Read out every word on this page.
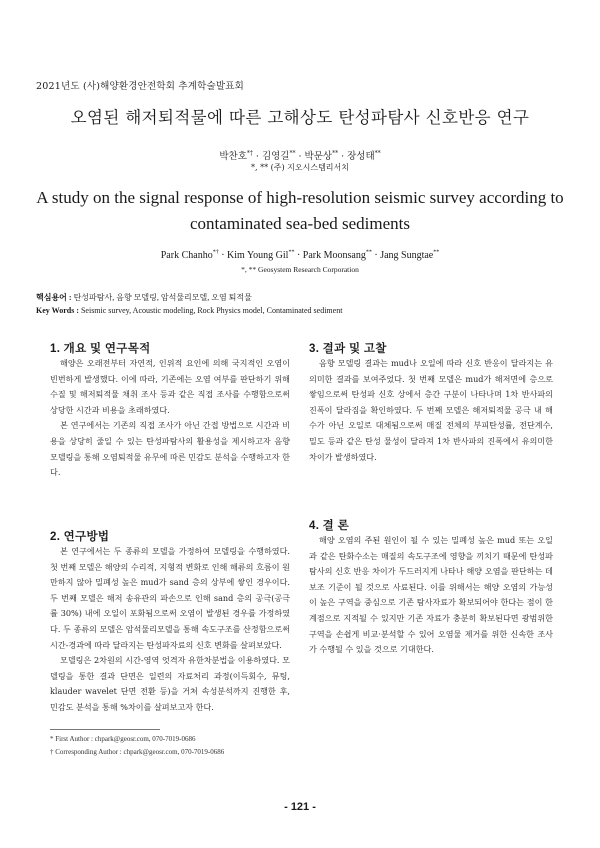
2021년도 (사)해양환경안전학회 추계학술발표회
오염된 해저퇴적물에 따른 고해상도 탄성파탐사 신호반응 연구
박찬호*† · 김영길** · 박문상** · 장성태**
*, ** (주) 지오시스템리서치
A study on the signal response of high-resolution seismic survey according to contaminated sea-bed sediments
Park Chanho*† · Kim Young Gil** · Park Moonsang** · Jang Sungtae**
*, ** Geosystem Research Corporation
핵심용어 : 탄성파탐사, 음향 모델링, 암석물리모델, 오염 퇴적물
Key Words : Seismic survey, Acoustic modeling, Rock Physics model, Contaminated sediment
1. 개요 및 연구목적

해양은 오래전부터 자연적, 인위적 요인에 의해 국지적인 오염이 빈번하게 발생했다. 이에 따라, 기존에는 오염 여부를 판단하기 위해 수질 및 해저퇴적물 채취 조사 등과 같은 직접 조사를 수행함으로써 상당한 시간과 비용을 초래하였다.

본 연구에서는 기존의 직접 조사가 아닌 간접 방법으로 시간과 비용을 상당히 줄일 수 있는 탄성파탐사의 활용성을 제시하고자 음향 모델링을 통해 오염퇴적물 유무에 따른 민감도 분석을 수행하고자 한다.

2. 연구방법

본 연구에서는 두 종류의 모델을 가정하여 모델링을 수행하였다. 첫 번째 모델은 해양의 수리적, 지형적 변화로 인해 해류의 흐름이 원만하지 않아 밀폐성 높은 mud가 sand 층의 상부에 쌓인 경우이다. 두 번째 모델은 해저 송유관의 파손으로 인해 sand 층의 공극(공극률 30%) 내에 오일이 포화됨으로써 오염이 발생된 경우를 가정하였다. 두 종류의 모델은 암석물리모델을 통해 속도구조를 산정함으로써 시간-경과에 따라 달라지는 탄성파자료의 신호 변화를 살펴보았다.

모델링은 2차원의 시간-영역 엇격자 유한차분법을 이용하였다. 모델링을 통한 결과 단면은 일련의 자료처리 과정(이득회수, 뮤팅, klauder wavelet 단면 전환 등)을 거쳐 속성분석까지 진행한 후, 민감도 분석을 통해 %차이를 살펴보고자 한다.

3. 결과 및 고찰

음향 모델링 결과는 mud나 오일에 따라 신호 반응이 달라지는 유의미한 결과를 보여주었다. 첫 번째 모델은 mud가 해저면에 층으로 쌓임으로써 탄성파 신호 상에서 층간 구분이 나타나며 1차 반사파의 진폭이 달라짐을 확인하였다. 두 번째 모델은 해저퇴적물 공극 내 해수가 아닌 오일로 대체됨으로써 매질 전체의 부피탄성률, 전단계수, 밀도 등과 같은 탄성 물성이 달라져 1차 반사파의 진폭에서 유의미한 차이가 발생하였다.

4. 결 론

해양 오염의 주된 원인이 될 수 있는 밀폐성 높은 mud 또는 오일과 같은 탄화수소는 매질의 속도구조에 영향을 끼치기 때문에 탄성파탐사의 신호 반응 차이가 두드러지게 나타나 해양 오염을 판단하는 데 보조 기준이 될 것으로 사료된다. 이를 위해서는 해양 오염의 가능성이 높은 구역을 중심으로 기존 탐사자료가 확보되어야 한다는 점이 한계점으로 지적될 수 있지만 기존 자료가 충분히 확보된다면 광범위한 구역을 손쉽게 비교·분석할 수 있어 오염물 제거를 위한 신속한 조사가 수행될 수 있을 것으로 기대한다.

* First Author : chpark@geosr.com, 070-7019-0686
† Corresponding Author : chpark@geosr.com, 070-7019-0686
- 121 -
